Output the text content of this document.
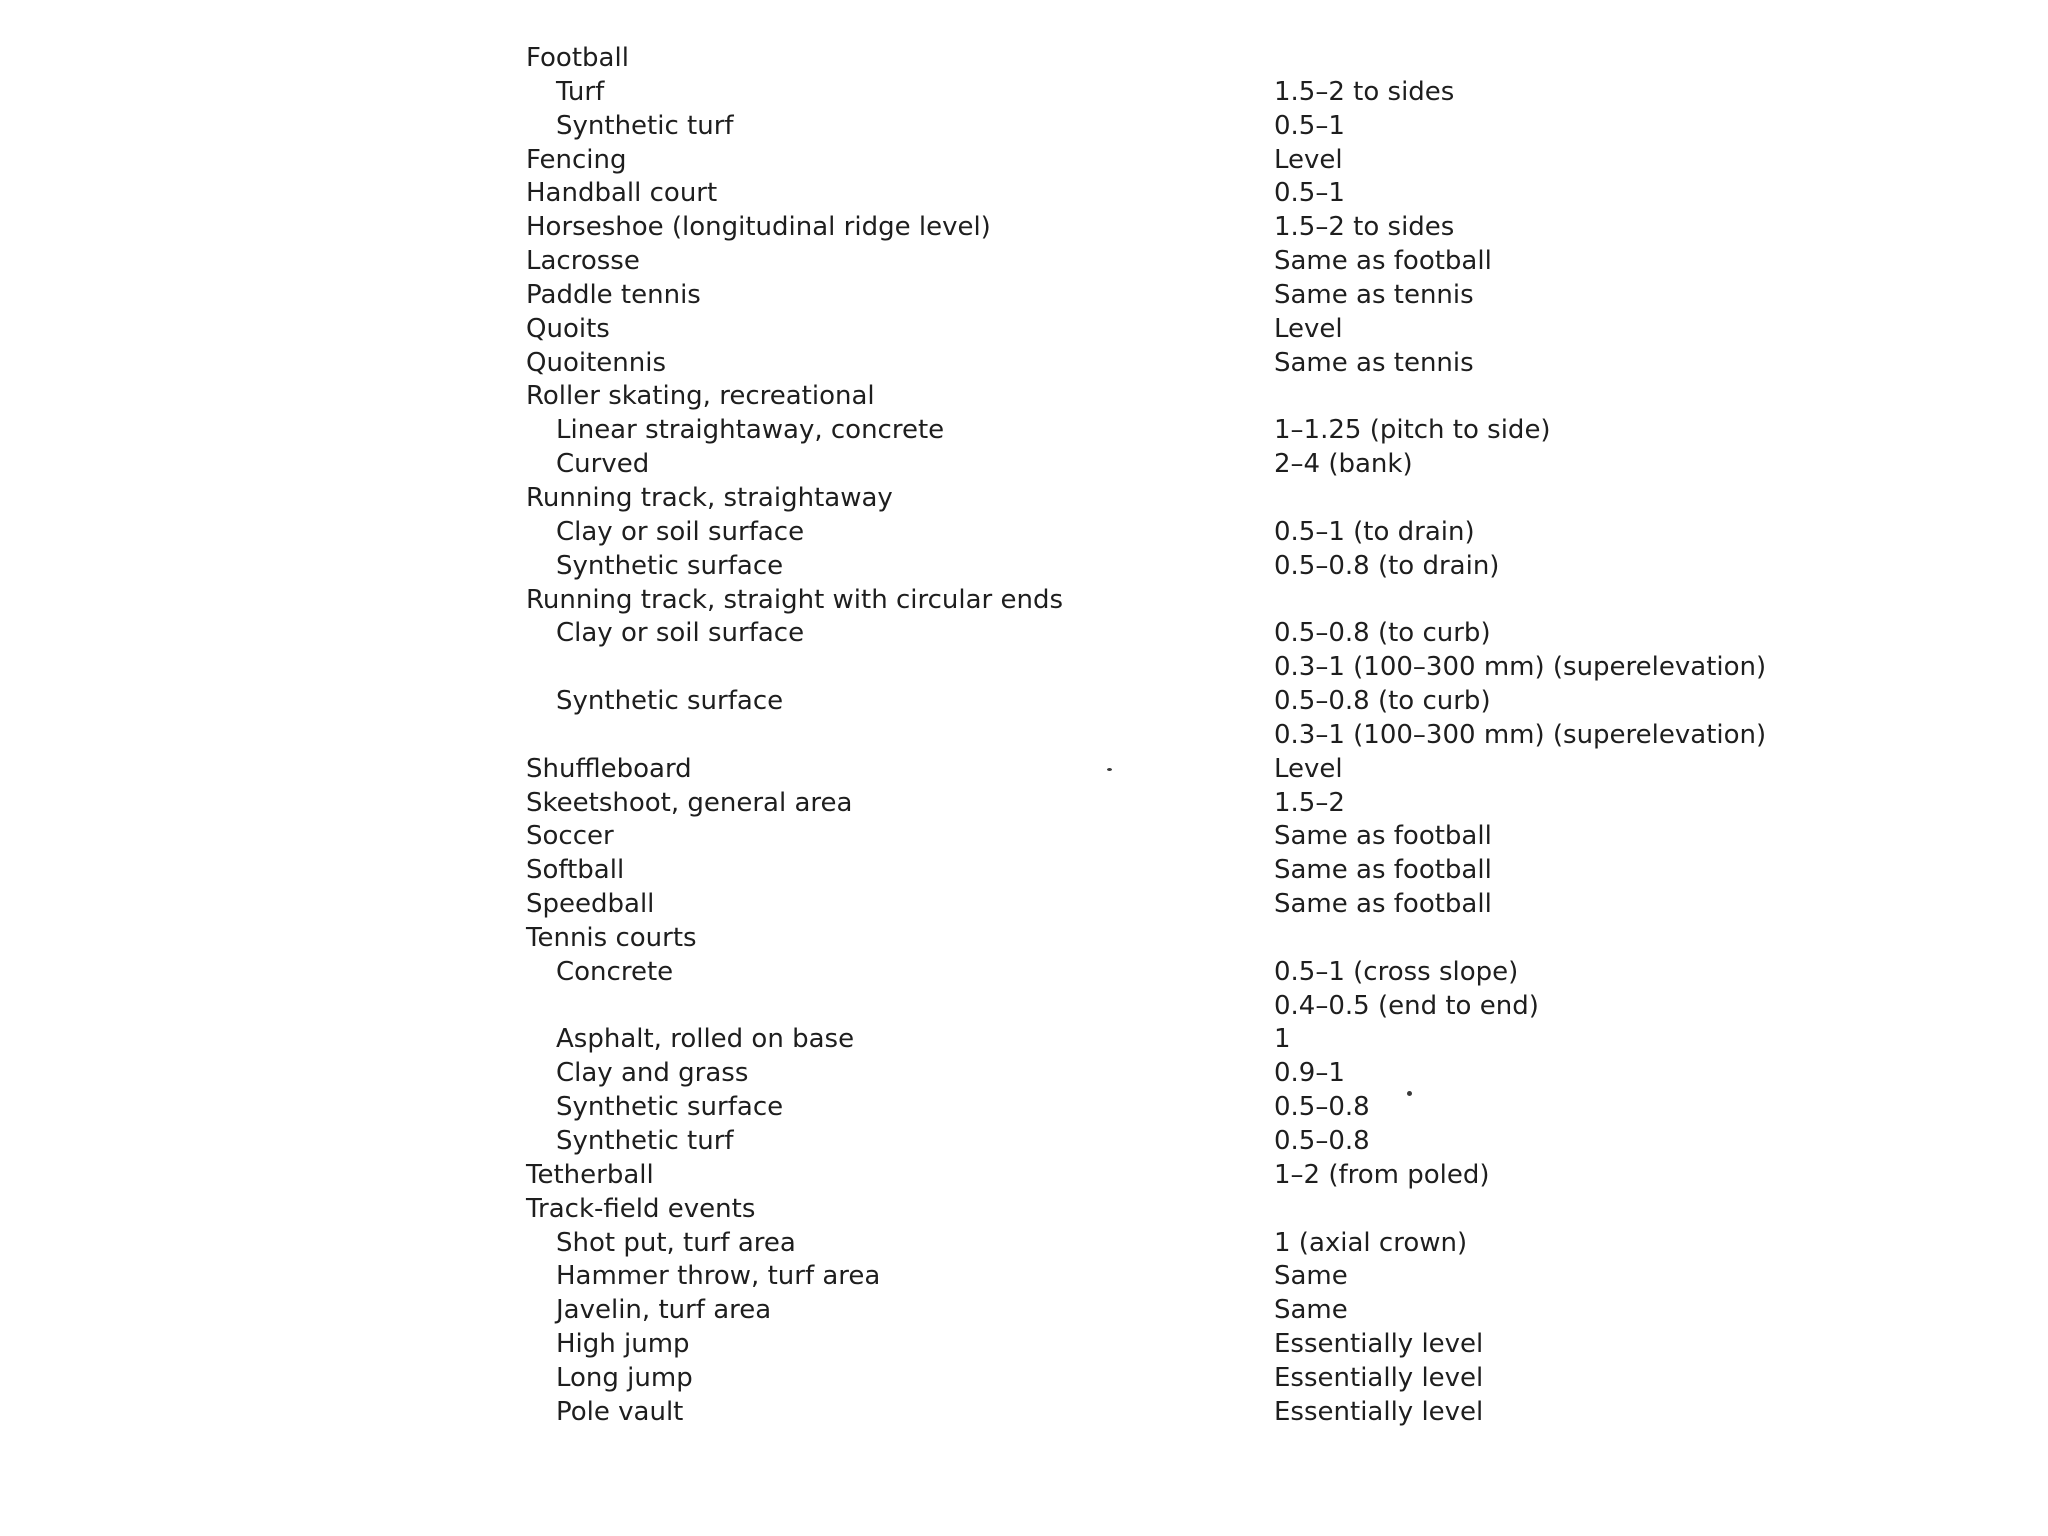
Football
Turf	1.5–2 to sides
Synthetic turf	0.5–1
Fencing	Level
Handball court	0.5–1
Horseshoe (longitudinal ridge level)	1.5–2 to sides
Lacrosse	Same as football
Paddle tennis	Same as tennis
Quoits	Level
Quoitennis	Same as tennis
Roller skating, recreational
Linear straightaway, concrete	1–1.25 (pitch to side)
Curved	2–4 (bank)
Running track, straightaway
Clay or soil surface	0.5–1 (to drain)
Synthetic surface	0.5–0.8 (to drain)
Running track, straight with circular ends
Clay or soil surface	0.5–0.8 (to curb)
0.3–1 (100–300 mm) (superelevation)
Synthetic surface	0.5–0.8 (to curb)
0.3–1 (100–300 mm) (superelevation)
Shuffleboard	Level
Skeetshoot, general area	1.5–2
Soccer	Same as football
Softball	Same as football
Speedball	Same as football
Tennis courts
Concrete	0.5–1 (cross slope)
0.4–0.5 (end to end)
Asphalt, rolled on base	1
Clay and grass	0.9–1
Synthetic surface	0.5–0.8
Synthetic turf	0.5–0.8
Tetherball	1–2 (from poled)
Track-field events
Shot put, turf area	1 (axial crown)
Hammer throw, turf area	Same
Javelin, turf area	Same
High jump	Essentially level
Long jump	Essentially level
Pole vault	Essentially level
